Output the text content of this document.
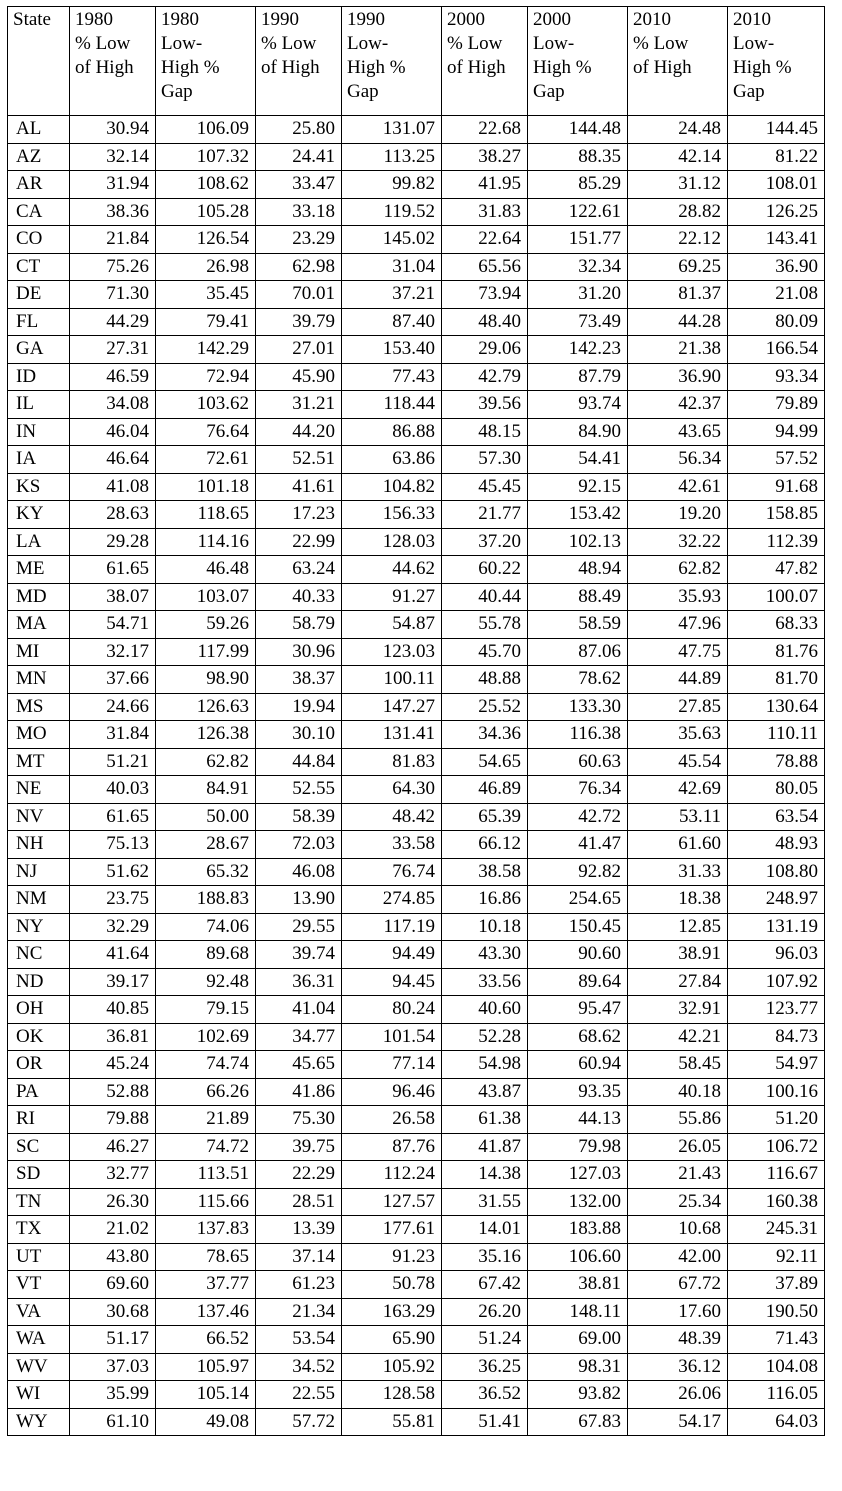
State	1980
% Low
of High	1980
Low-
High %
Gap	1990
% Low
of High	1990
Low-
High %
Gap	2000
% Low
of High	2000
Low-
High %
Gap	2010
% Low
of High	2010
Low-
High %
Gap
AL	30.94	106.09	25.80	131.07	22.68	144.48	24.48	144.45
AZ	32.14	107.32	24.41	113.25	38.27	88.35	42.14	81.22
AR	31.94	108.62	33.47	99.82	41.95	85.29	31.12	108.01
CA	38.36	105.28	33.18	119.52	31.83	122.61	28.82	126.25
CO	21.84	126.54	23.29	145.02	22.64	151.77	22.12	143.41
CT	75.26	26.98	62.98	31.04	65.56	32.34	69.25	36.90
DE	71.30	35.45	70.01	37.21	73.94	31.20	81.37	21.08
FL	44.29	79.41	39.79	87.40	48.40	73.49	44.28	80.09
GA	27.31	142.29	27.01	153.40	29.06	142.23	21.38	166.54
ID	46.59	72.94	45.90	77.43	42.79	87.79	36.90	93.34
IL	34.08	103.62	31.21	118.44	39.56	93.74	42.37	79.89
IN	46.04	76.64	44.20	86.88	48.15	84.90	43.65	94.99
IA	46.64	72.61	52.51	63.86	57.30	54.41	56.34	57.52
KS	41.08	101.18	41.61	104.82	45.45	92.15	42.61	91.68
KY	28.63	118.65	17.23	156.33	21.77	153.42	19.20	158.85
LA	29.28	114.16	22.99	128.03	37.20	102.13	32.22	112.39
ME	61.65	46.48	63.24	44.62	60.22	48.94	62.82	47.82
MD	38.07	103.07	40.33	91.27	40.44	88.49	35.93	100.07
MA	54.71	59.26	58.79	54.87	55.78	58.59	47.96	68.33
MI	32.17	117.99	30.96	123.03	45.70	87.06	47.75	81.76
MN	37.66	98.90	38.37	100.11	48.88	78.62	44.89	81.70
MS	24.66	126.63	19.94	147.27	25.52	133.30	27.85	130.64
MO	31.84	126.38	30.10	131.41	34.36	116.38	35.63	110.11
MT	51.21	62.82	44.84	81.83	54.65	60.63	45.54	78.88
NE	40.03	84.91	52.55	64.30	46.89	76.34	42.69	80.05
NV	61.65	50.00	58.39	48.42	65.39	42.72	53.11	63.54
NH	75.13	28.67	72.03	33.58	66.12	41.47	61.60	48.93
NJ	51.62	65.32	46.08	76.74	38.58	92.82	31.33	108.80
NM	23.75	188.83	13.90	274.85	16.86	254.65	18.38	248.97
NY	32.29	74.06	29.55	117.19	10.18	150.45	12.85	131.19
NC	41.64	89.68	39.74	94.49	43.30	90.60	38.91	96.03
ND	39.17	92.48	36.31	94.45	33.56	89.64	27.84	107.92
OH	40.85	79.15	41.04	80.24	40.60	95.47	32.91	123.77
OK	36.81	102.69	34.77	101.54	52.28	68.62	42.21	84.73
OR	45.24	74.74	45.65	77.14	54.98	60.94	58.45	54.97
PA	52.88	66.26	41.86	96.46	43.87	93.35	40.18	100.16
RI	79.88	21.89	75.30	26.58	61.38	44.13	55.86	51.20
SC	46.27	74.72	39.75	87.76	41.87	79.98	26.05	106.72
SD	32.77	113.51	22.29	112.24	14.38	127.03	21.43	116.67
TN	26.30	115.66	28.51	127.57	31.55	132.00	25.34	160.38
TX	21.02	137.83	13.39	177.61	14.01	183.88	10.68	245.31
UT	43.80	78.65	37.14	91.23	35.16	106.60	42.00	92.11
VT	69.60	37.77	61.23	50.78	67.42	38.81	67.72	37.89
VA	30.68	137.46	21.34	163.29	26.20	148.11	17.60	190.50
WA	51.17	66.52	53.54	65.90	51.24	69.00	48.39	71.43
WV	37.03	105.97	34.52	105.92	36.25	98.31	36.12	104.08
WI	35.99	105.14	22.55	128.58	36.52	93.82	26.06	116.05
WY	61.10	49.08	57.72	55.81	51.41	67.83	54.17	64.03
